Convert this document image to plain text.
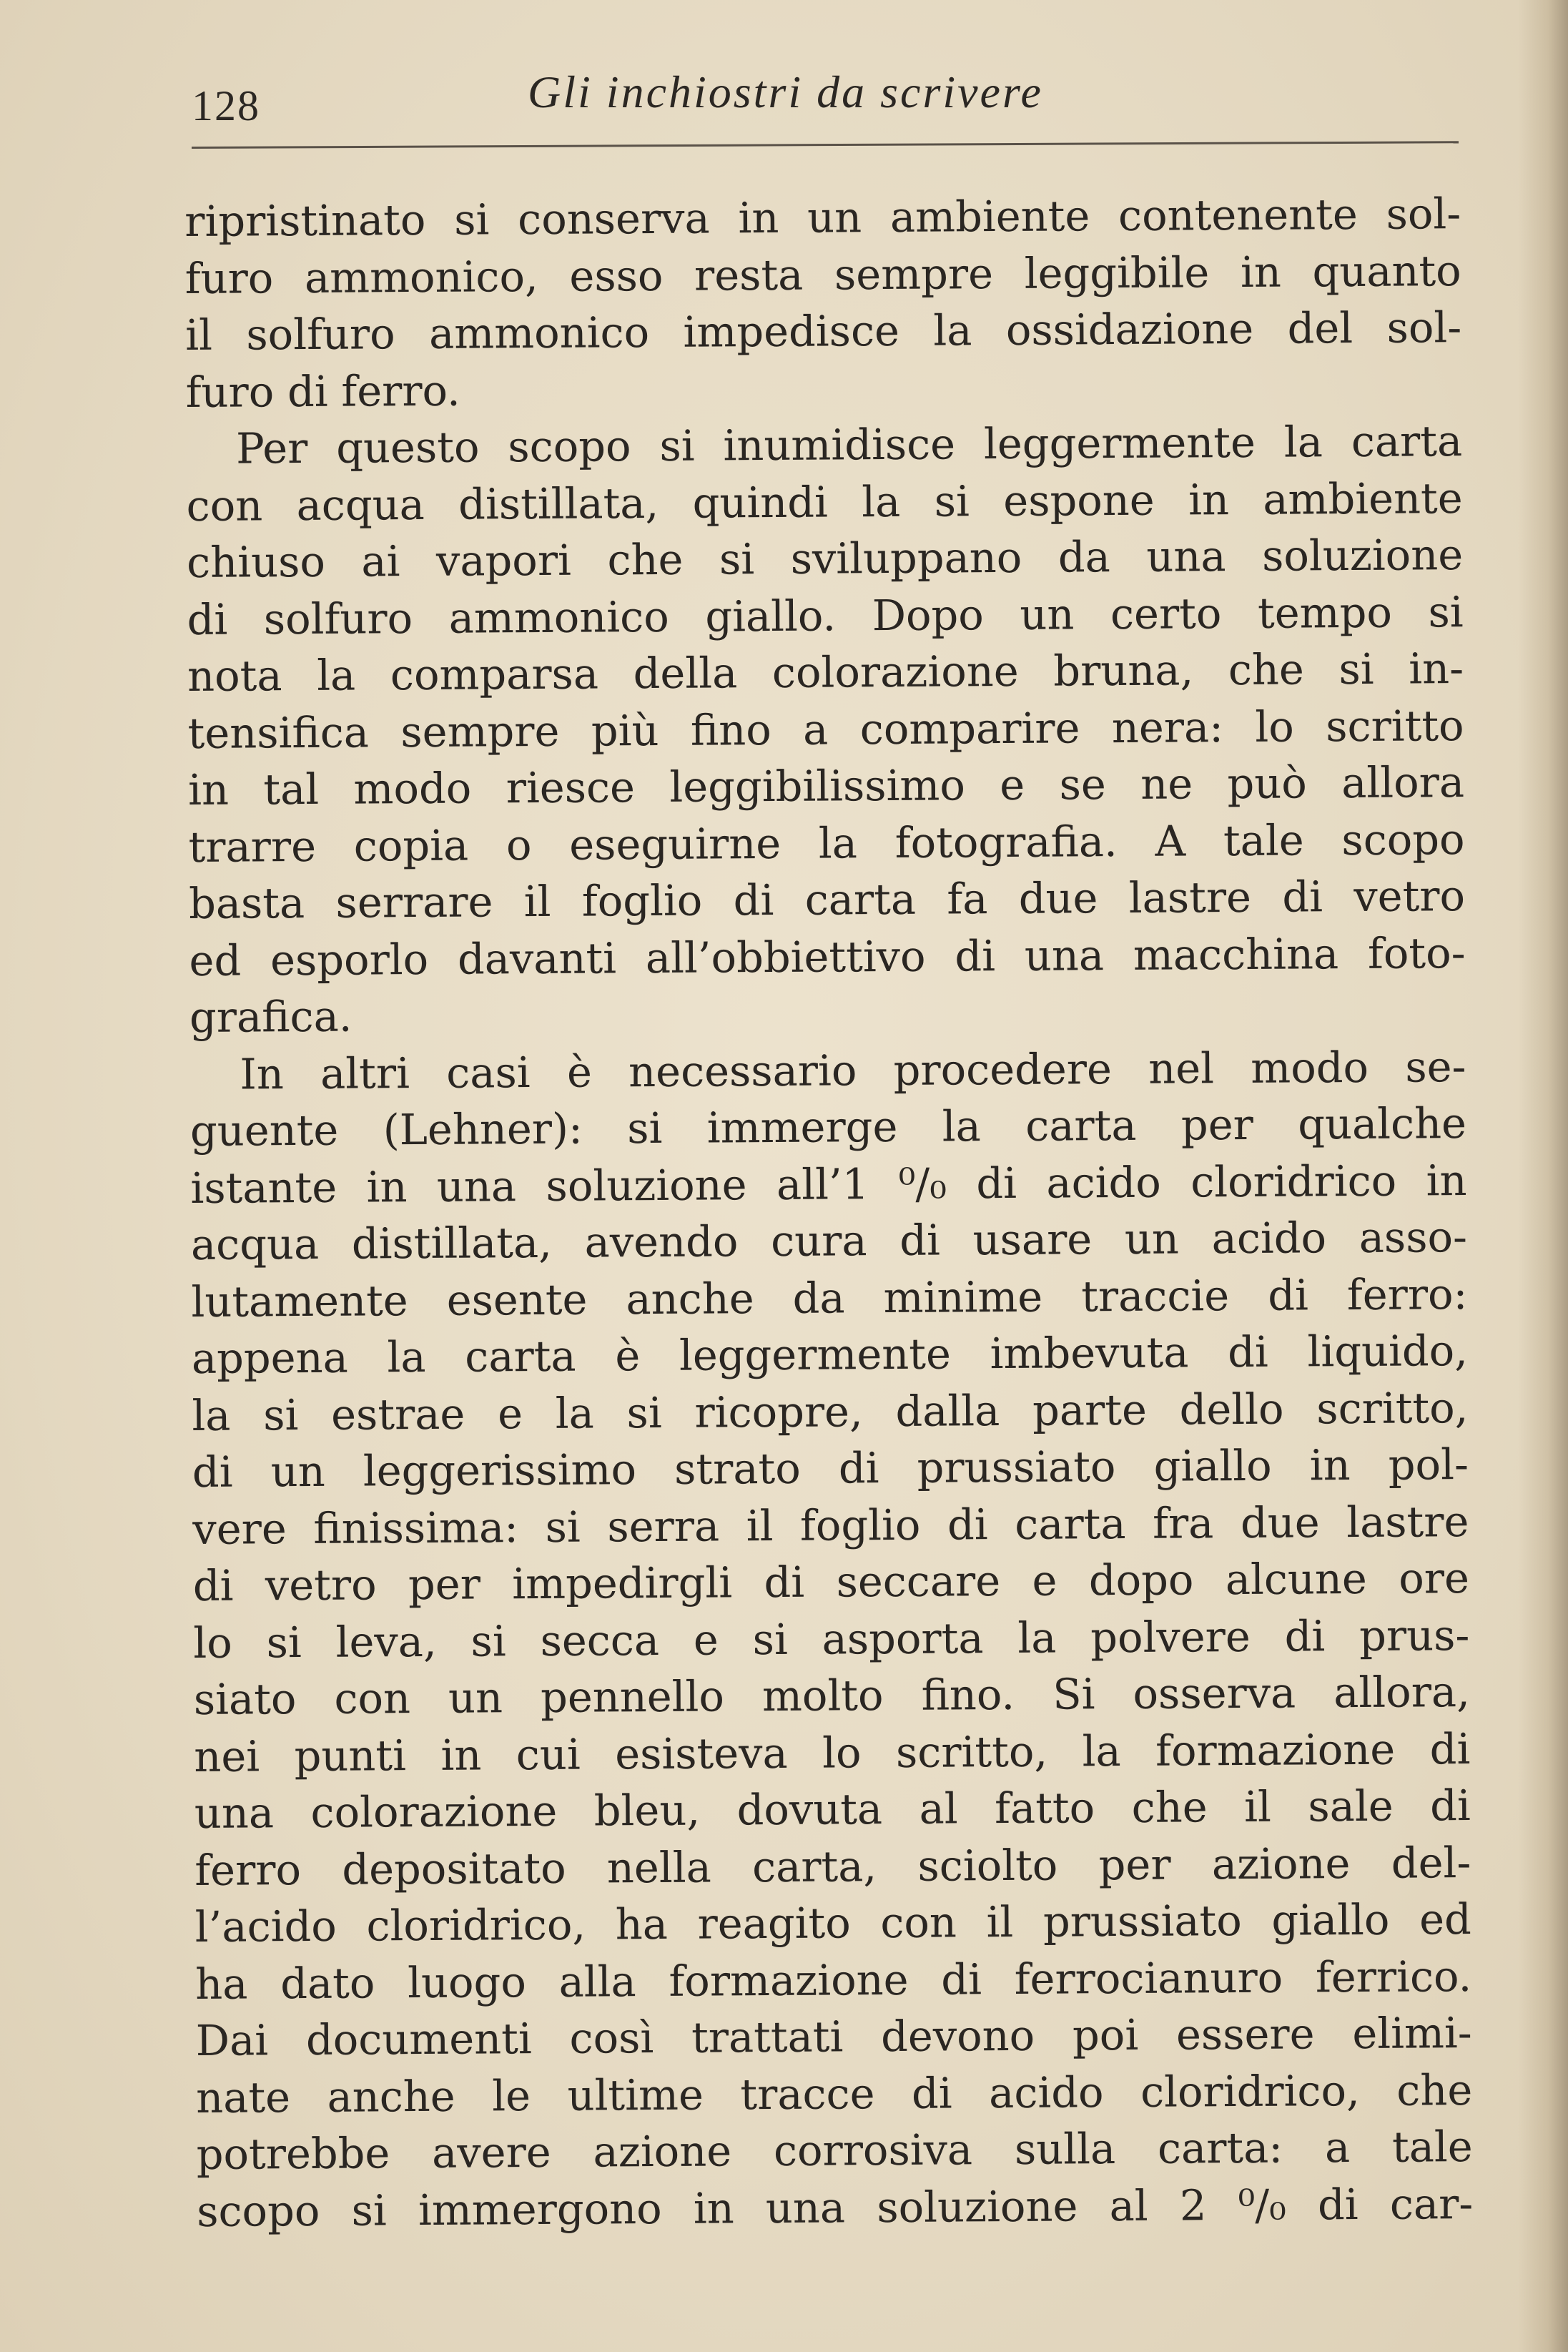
128	Gli inchiostri da scrivere
ripristinato si conserva in un ambiente contenente sol-
furo ammonico, esso resta sempre leggibile in quanto
il solfuro ammonico impedisce la ossidazione del sol-
furo di ferro.
Per questo scopo si inumidisce leggermente la carta
con acqua distillata, quindi la si espone in ambiente
chiuso ai vapori che si sviluppano da una soluzione
di solfuro ammonico giallo. Dopo un certo tempo si
nota la comparsa della colorazione bruna, che si in-
tensifica sempre più fino a comparire nera: lo scritto
in tal modo riesce leggibilissimo e se ne può allora
trarre copia o eseguirne la fotografia. A tale scopo
basta serrare il foglio di carta fa due lastre di vetro
ed esporlo davanti all’obbiettivo di una macchina foto-
grafica.
In altri casi è necessario procedere nel modo se-
guente (Lehner): si immerge la carta per qualche
istante in una soluzione all’1 ⁰/₀ di acido cloridrico in
acqua distillata, avendo cura di usare un acido asso-
lutamente esente anche da minime traccie di ferro:
appena la carta è leggermente imbevuta di liquido,
la si estrae e la si ricopre, dalla parte dello scritto,
di un leggerissimo strato di prussiato giallo in pol-
vere finissima: si serra il foglio di carta fra due lastre
di vetro per impedirgli di seccare e dopo alcune ore
lo si leva, si secca e si asporta la polvere di prus-
siato con un pennello molto fino. Si osserva allora,
nei punti in cui esisteva lo scritto, la formazione di
una colorazione bleu, dovuta al fatto che il sale di
ferro depositato nella carta, sciolto per azione del-
l’acido cloridrico, ha reagito con il prussiato giallo ed
ha dato luogo alla formazione di ferrocianuro ferrico.
Dai documenti così trattati devono poi essere elimi-
nate anche le ultime tracce di acido cloridrico, che
potrebbe avere azione corrosiva sulla carta: a tale
scopo si immergono in una soluzione al 2 ⁰/₀ di car-
